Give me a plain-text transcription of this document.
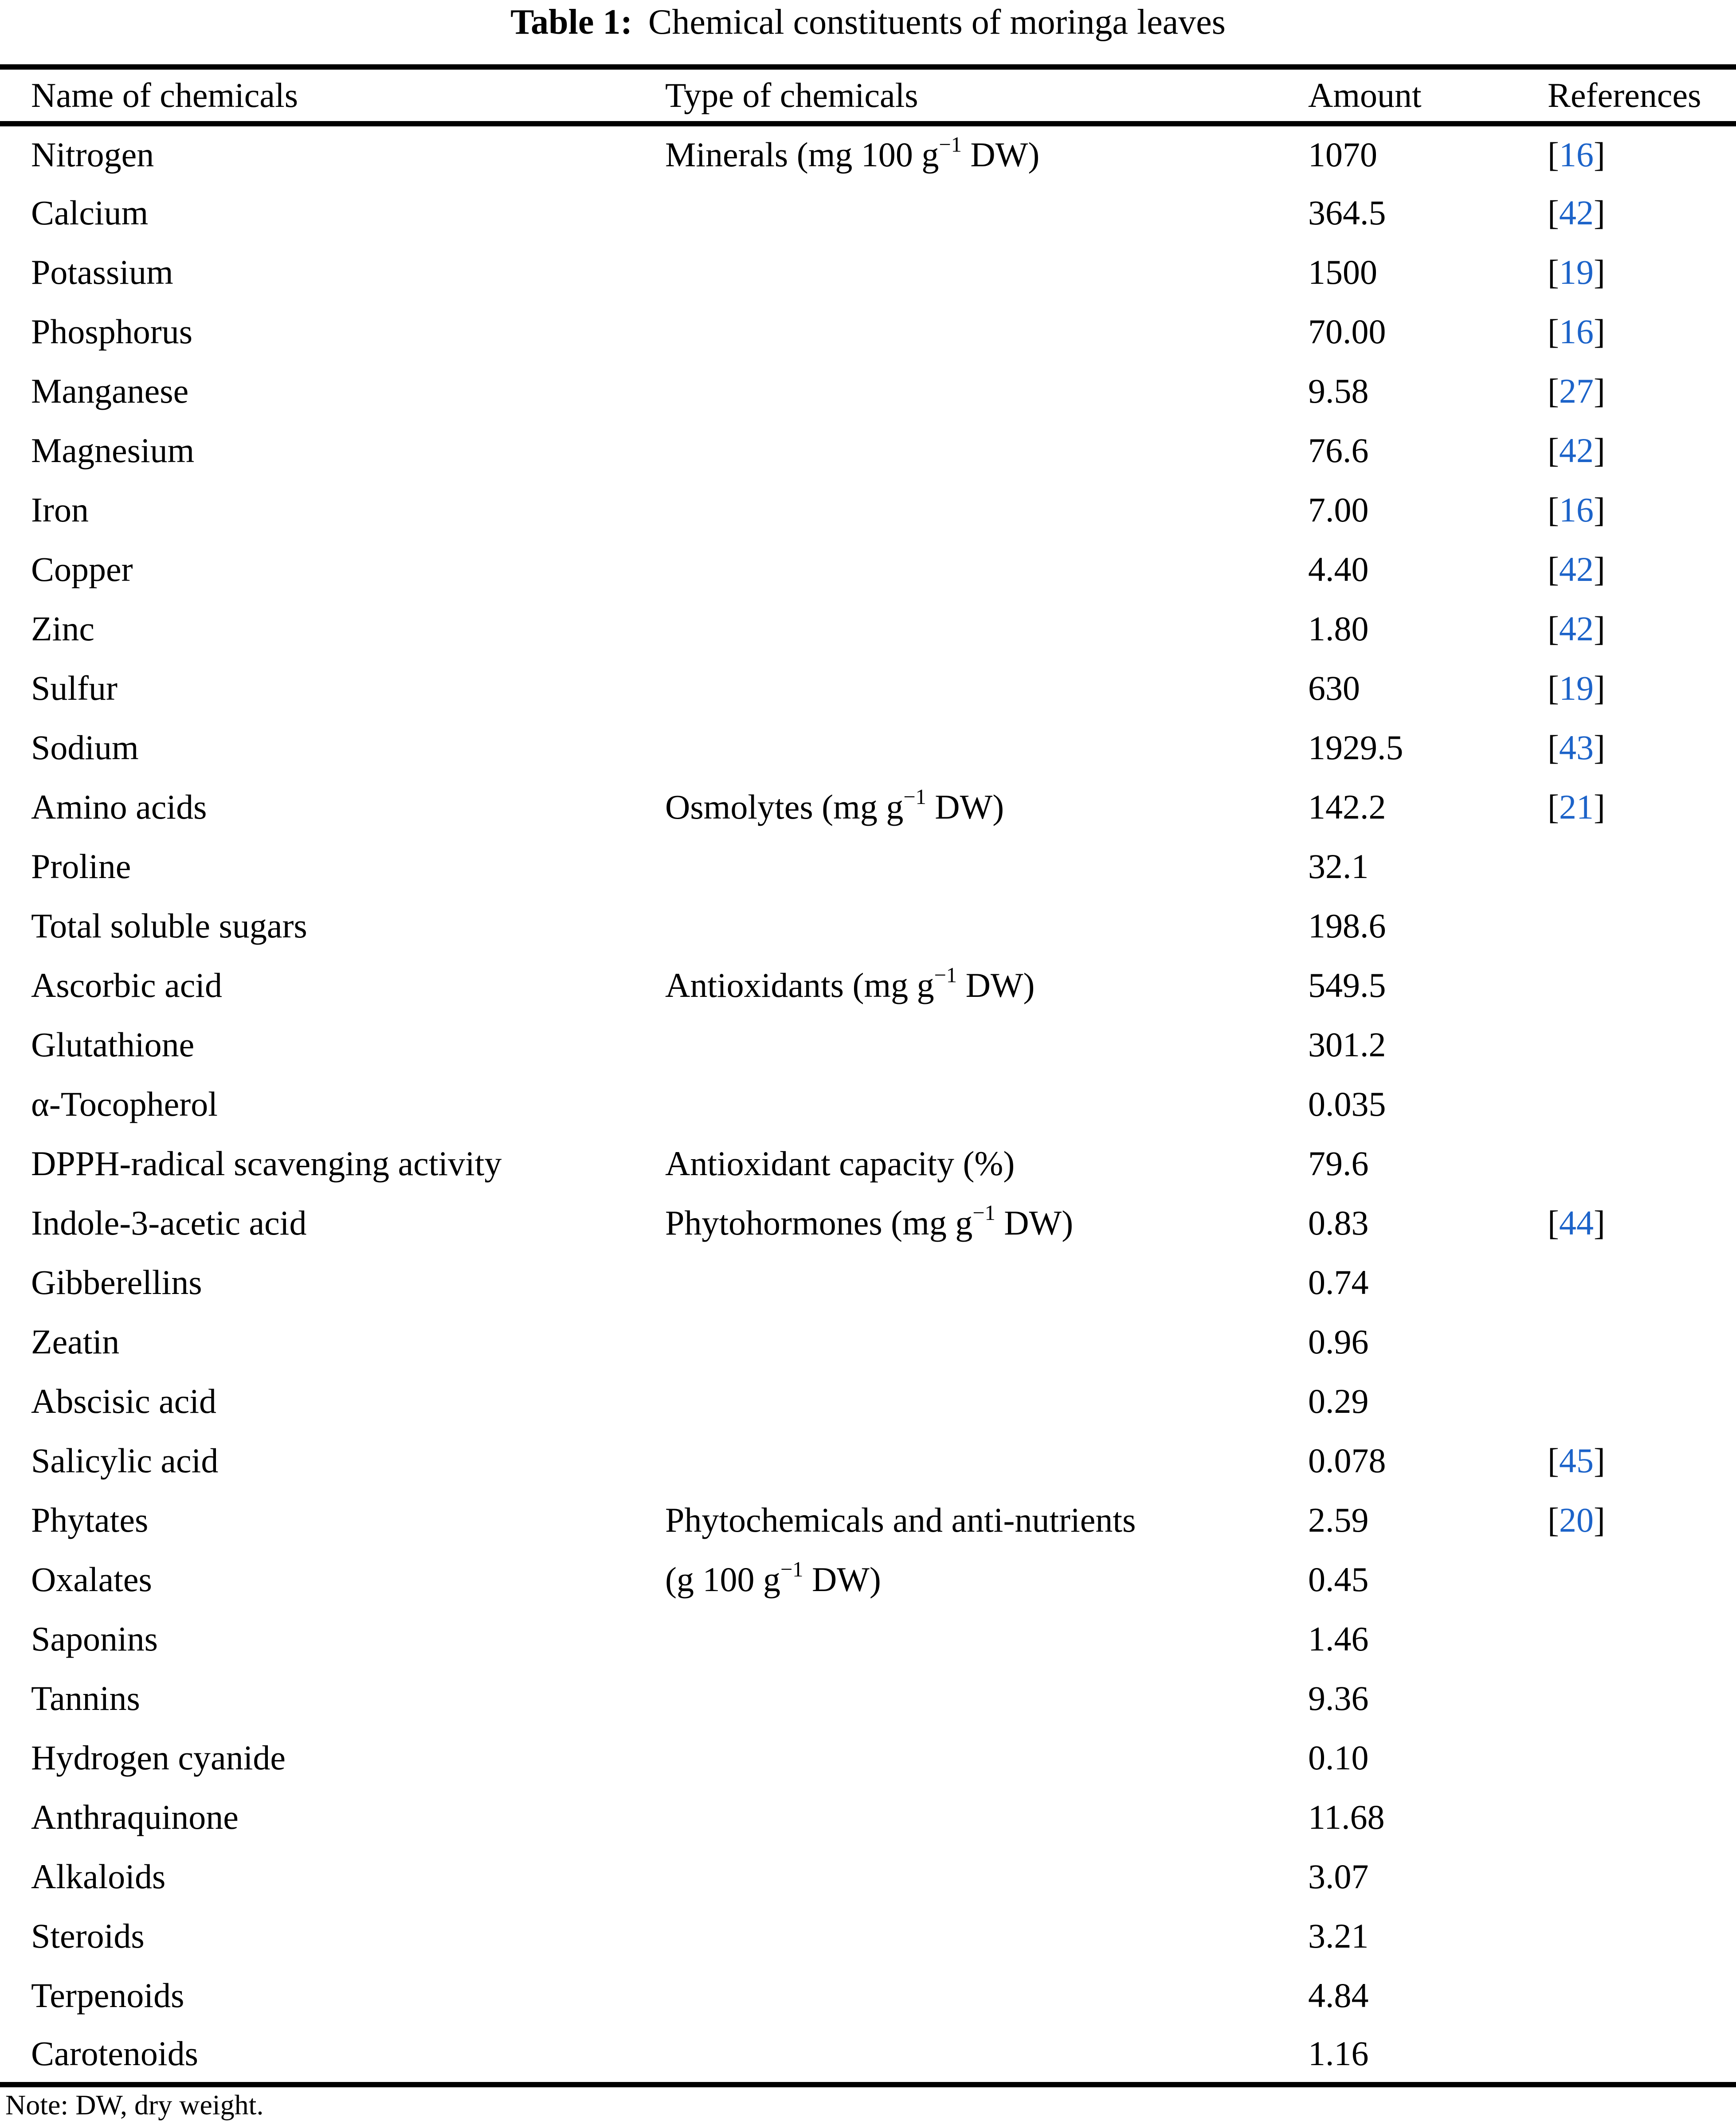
Table 1: Chemical constituents of moringa leaves
Name of chemicals	Type of chemicals	Amount	References
Nitrogen	Minerals (mg 100 $g^{-1}$ DW)	1070	[16]
Calcium		364.5	[42]
Potassium		1500	[19]
Phosphorus		70.00	[16]
Manganese		9.58	[27]
Magnesium		76.6	[42]
Iron		7.00	[16]
Copper		4.40	[42]
Zinc		1.80	[42]
Sulfur		630	[19]
Sodium		1929.5	[43]
Amino acids	Osmolytes (mg $g^{-1}$ DW)	142.2	[21]
Proline		32.1	
Total soluble sugars		198.6	
Ascorbic acid	Antioxidants (mg $g^{-1}$ DW)	549.5	
Glutathione		301.2	
α-Tocopherol		0.035	
DPPH-radical scavenging activity	Antioxidant capacity (%)	79.6	
Indole-3-acetic acid	Phytohormones (mg $g^{-1}$ DW)	0.83	[44]
Gibberellins		0.74	
Zeatin		0.96	
Abscisic acid		0.29	
Salicylic acid		0.078	[45]
Phytates	Phytochemicals and anti-nutrients	2.59	[20]
Oxalates	(g 100 $g^{-1}$ DW)	0.45	
Saponins		1.46	
Tannins		9.36	
Hydrogen cyanide		0.10	
Anthraquinone		11.68	
Alkaloids		3.07	
Steroids		3.21	
Terpenoids		4.84	
Carotenoids		1.16	
Note: DW, dry weight.
